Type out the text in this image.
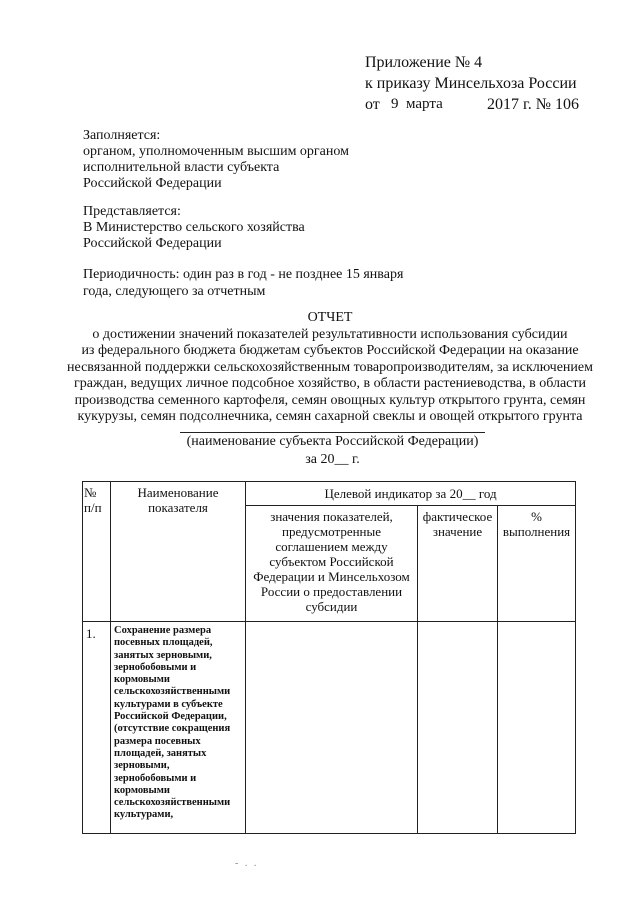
Приложение № 4
к приказу Минсельхоза России
от 9 марта	2017 г. № 106
Заполняется:
органом, уполномоченным высшим органом
исполнительной власти субъекта
Российской Федерации
Представляется:
В Министерство сельского хозяйства
Российской Федерации
Периодичность: один раз в год - не позднее 15 января
года, следующего за отчетным
ОТЧЕТ
о достижении значений показателей результативности использования субсидии
из федерального бюджета бюджетам субъектов Российской Федерации на оказание
несвязанной поддержки сельскохозяйственным товаропроизводителям, за исключением
граждан, ведущих личное подсобное хозяйство, в области растениеводства, в области
производства семенного картофеля, семян овощных культур открытого грунта, семян
кукурузы, семян подсолнечника, семян сахарной свеклы и овощей открытого грунта
(наименование субъекта Российской Федерации)
за 20__ г.
№ п/п	Наименование показателя	Целевой индикатор за 20__ год		
		значения показателей, предусмотренные соглашением между субъектом Российской Федерации и Минсельхозом России о предоставлении субсидии	фактическое значение	% выполнения
1.	Сохранение размера посевных площадей, занятых зерновыми, зернобобовыми и кормовыми сельскохозяйственными культурами в субъекте Российской Федерации, (отсутствие сокращения размера посевных площадей, занятых зерновыми, зернобобовыми и кормовыми сельскохозяйственными культурами,			
- . .
